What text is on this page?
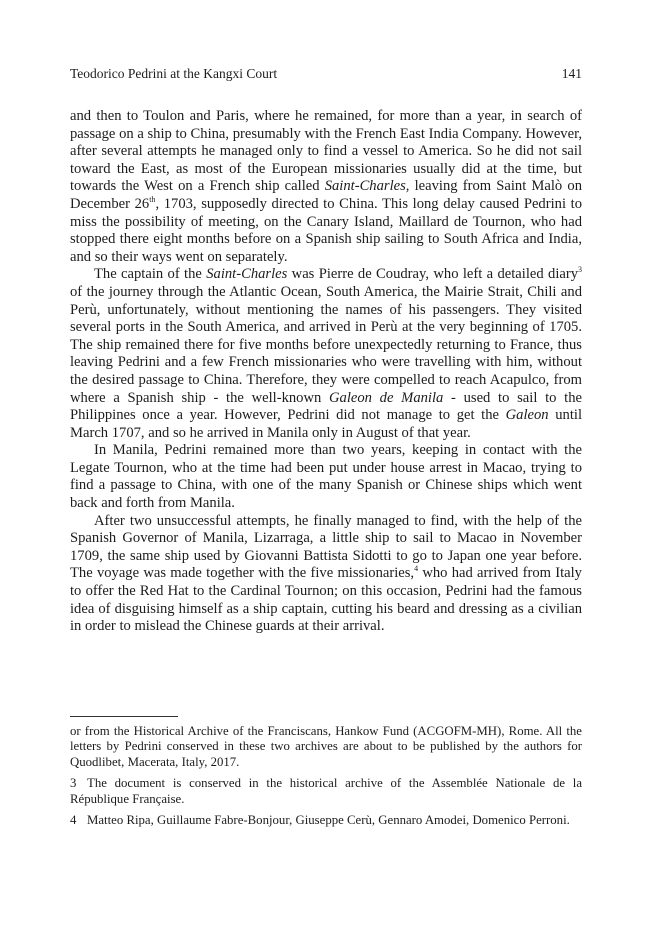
Teodorico Pedrini at the Kangxi Court	141

and then to Toulon and Paris, where he remained, for more than a year, in search of passage on a ship to China, presumably with the French East India Company. However, after several attempts he managed only to find a vessel to America. So he did not sail toward the East, as most of the European missionaries usually did at the time, but towards the West on a French ship called Saint-Charles, leaving from Saint Malò on December 26th, 1703, supposedly directed to China. This long delay caused Pedrini to miss the possibility of meeting, on the Canary Island, Maillard de Tournon, who had stopped there eight months before on a Spanish ship sailing to South Africa and India, and so their ways went on separately.

The captain of the Saint-Charles was Pierre de Coudray, who left a detailed diary$^3$ of the journey through the Atlantic Ocean, South America, the Mairie Strait, Chili and Perù, unfortunately, without mentioning the names of his passengers. They visited several ports in the South America, and arrived in Perù at the very beginning of 1705. The ship remained there for five months before unexpectedly returning to France, thus leaving Pedrini and a few French missionaries who were travelling with him, without the desired passage to China. Therefore, they were compelled to reach Acapulco, from where a Spanish ship - the well-known Galeon de Manila - used to sail to the Philippines once a year. However, Pedrini did not manage to get the Galeon until March 1707, and so he arrived in Manila only in August of that year.

In Manila, Pedrini remained more than two years, keeping in contact with the Legate Tournon, who at the time had been put under house arrest in Macao, trying to find a passage to China, with one of the many Spanish or Chinese ships which went back and forth from Manila.

After two unsuccessful attempts, he finally managed to find, with the help of the Spanish Governor of Manila, Lizarraga, a little ship to sail to Macao in November 1709, the same ship used by Giovanni Battista Sidotti to go to Japan one year before. The voyage was made together with the five missionaries,$^4$ who had arrived from Italy to offer the Red Hat to the Cardinal Tournon; on this occasion, Pedrini had the famous idea of disguising himself as a ship captain, cutting his beard and dressing as a civilian in order to mislead the Chinese guards at their arrival.

or from the Historical Archive of the Franciscans, Hankow Fund (ACGOFM-MH), Rome. All the letters by Pedrini conserved in these two archives are about to be published by the authors for Quodlibet, Macerata, Italy, 2017.

3 The document is conserved in the historical archive of the Assemblée Nationale de la République Française.

4 Matteo Ripa, Guillaume Fabre-Bonjour, Giuseppe Cerù, Gennaro Amodei, Domenico Perroni.
